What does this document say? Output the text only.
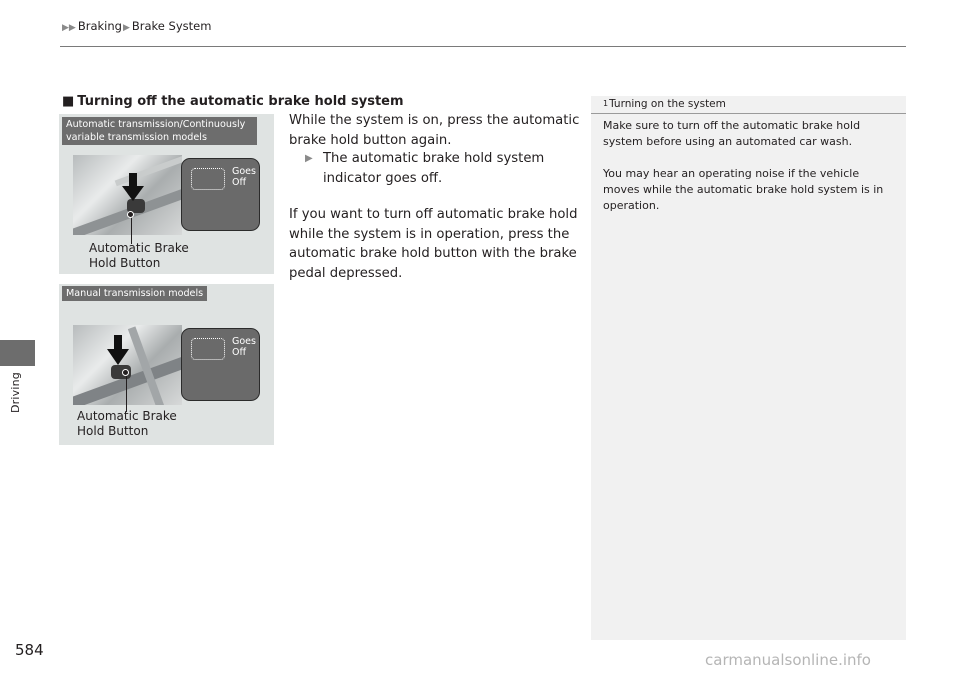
▶▶ Braking▶ Brake System
Driving
584
■ Turning off the automatic brake hold system
While the system is on, press the automatic brake hold button again.
▶ The automatic brake hold system indicator goes off.
If you want to turn off automatic brake hold while the system is in operation, press the automatic brake hold button with the brake pedal depressed.
Automatic transmission/Continuously variable transmission models
Goes
Off
Automatic Brake
Hold Button
Manual transmission models
Goes
Off
Automatic Brake
Hold Button
1Turning on the system
Make sure to turn off the automatic brake hold system before using an automated car wash.
You may hear an operating noise if the vehicle moves while the automatic brake hold system is in operation.
carmanualsonline.info
